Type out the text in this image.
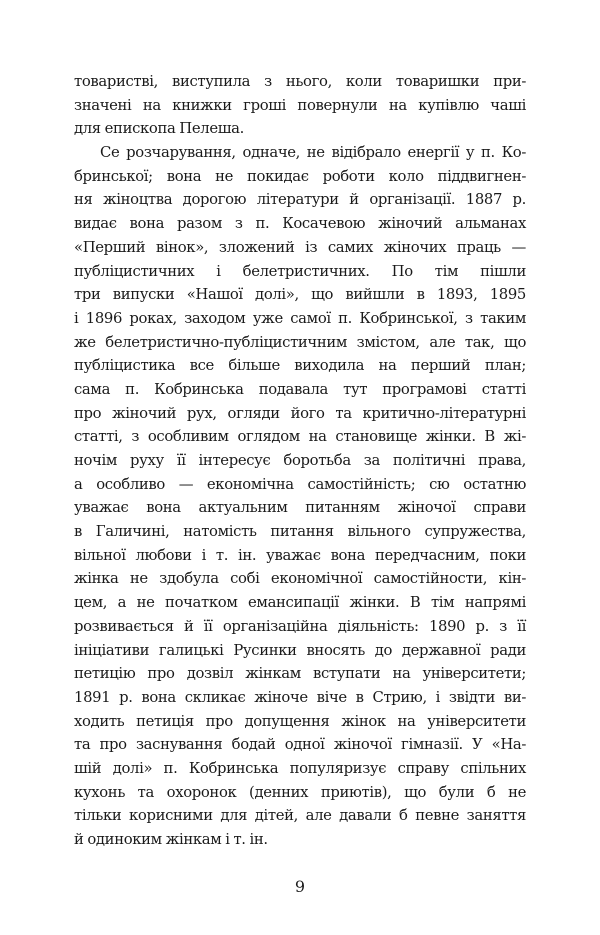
товаристві, виступила з нього, коли товаришки при-
значені на книжки гроші повернули на купівлю чаші
для епископа Пелеша.
Се розчарування, одначе, не відібрало енергії у п. Ко-
бринської; вона не покидає роботи коло піддвигнен-
ня жіноцтва дорогою літератури й організації. 1887 р.
видає вона разом з п. Косачевою жіночий альманах
«Перший вінок», зложений із самих жіночих праць —
публіцистичних і белетристичних. По тім пішли
три випуски «Нашої долі», що вийшли в 1893, 1895
і 1896 роках, заходом уже самої п. Кобринської, з таким
же белетристично-публіцистичним змістом, але так, що
публіцистика все більше виходила на перший план;
сама п. Кобринська подавала тут програмові статті
про жіночий рух, огляди його та критично-літературні
статті, з особливим оглядом на становище жінки. В жі-
ночім руху її інтересує боротьба за політичні права,
а особливо — економічна самостійність; сю остатню
уважає вона актуальним питанням жіночої справи
в Галичині, натомість питання вільного супружества,
вільної любови і т. ін. уважає вона передчасним, поки
жінка не здобула собі економічної самостійности, кін-
цем, а не початком емансипації жінки. В тім напрямі
розвивається й її організаційна діяльність: 1890 р. з її
ініціативи галицькі Русинки вносять до державної ради
петицію про дозвіл жінкам вступати на університети;
1891 р. вона скликає жіноче віче в Стрию, і звідти ви-
ходить петиція про допущення жінок на університети
та про заснування бодай одної жіночої гімназії. У «На-
шій долі» п. Кобринська популяризує справу спільних
кухонь та охоронок (денних приютів), що були б не
тільки корисними для дітей, але давали б певне заняття
й одиноким жінкам і т. ін.
9
